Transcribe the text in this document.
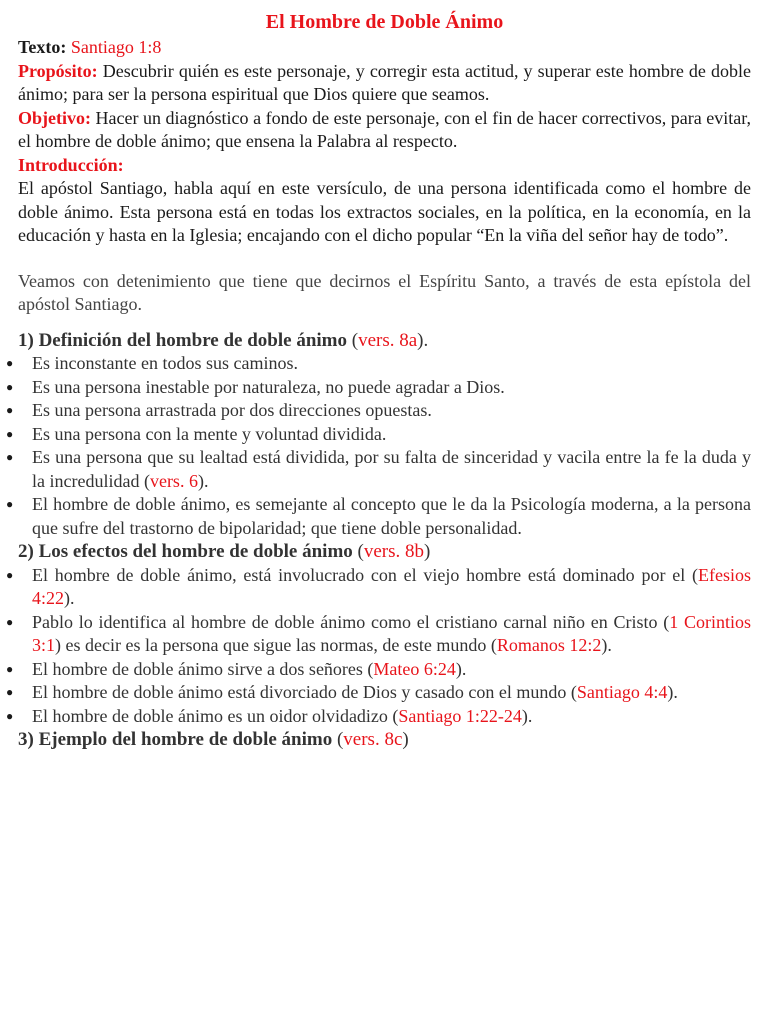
El Hombre de Doble Ánimo

Texto: Santiago 1:8

Propósito: Descubrir quién es este personaje, y corregir esta actitud, y superar este hombre de doble ánimo; para ser la persona espiritual que Dios quiere que seamos.

Objetivo: Hacer un diagnóstico a fondo de este personaje, con el fin de hacer correctivos, para evitar, el hombre de doble ánimo; que ensena la Palabra al respecto.

Introducción:

El apóstol Santiago, habla aquí en este versículo, de una persona identificada como el hombre de doble ánimo. Esta persona está en todas los extractos sociales, en la política, en la economía, en la educación y hasta en la Iglesia; encajando con el dicho popular “En la viña del señor hay de todo”.

Veamos con detenimiento que tiene que decirnos el Espíritu Santo, a través de esta epístola del apóstol Santiago.

1) Definición del hombre de doble ánimo (vers. 8a).

● Es inconstante en todos sus caminos.
● Es una persona inestable por naturaleza, no puede agradar a Dios.
● Es una persona arrastrada por dos direcciones opuestas.
● Es una persona con la mente y voluntad dividida.
● Es una persona que su lealtad está dividida, por su falta de sinceridad y vacila entre la fe la duda y la incredulidad (vers. 6).
● El hombre de doble ánimo, es semejante al concepto que le da la Psicología moderna, a la persona que sufre del trastorno de bipolaridad; que tiene doble personalidad.

2) Los efectos del hombre de doble ánimo (vers. 8b)

● El hombre de doble ánimo, está involucrado con el viejo hombre está dominado por el (Efesios 4:22).
● Pablo lo identifica al hombre de doble ánimo como el cristiano carnal niño en Cristo (1 Corintios 3:1) es decir es la persona que sigue las normas, de este mundo (Romanos 12:2).
● El hombre de doble ánimo sirve a dos señores (Mateo 6:24).
● El hombre de doble ánimo está divorciado de Dios y casado con el mundo (Santiago 4:4).
● El hombre de doble ánimo es un oidor olvidadizo (Santiago 1:22-24).

3) Ejemplo del hombre de doble ánimo (vers. 8c)
